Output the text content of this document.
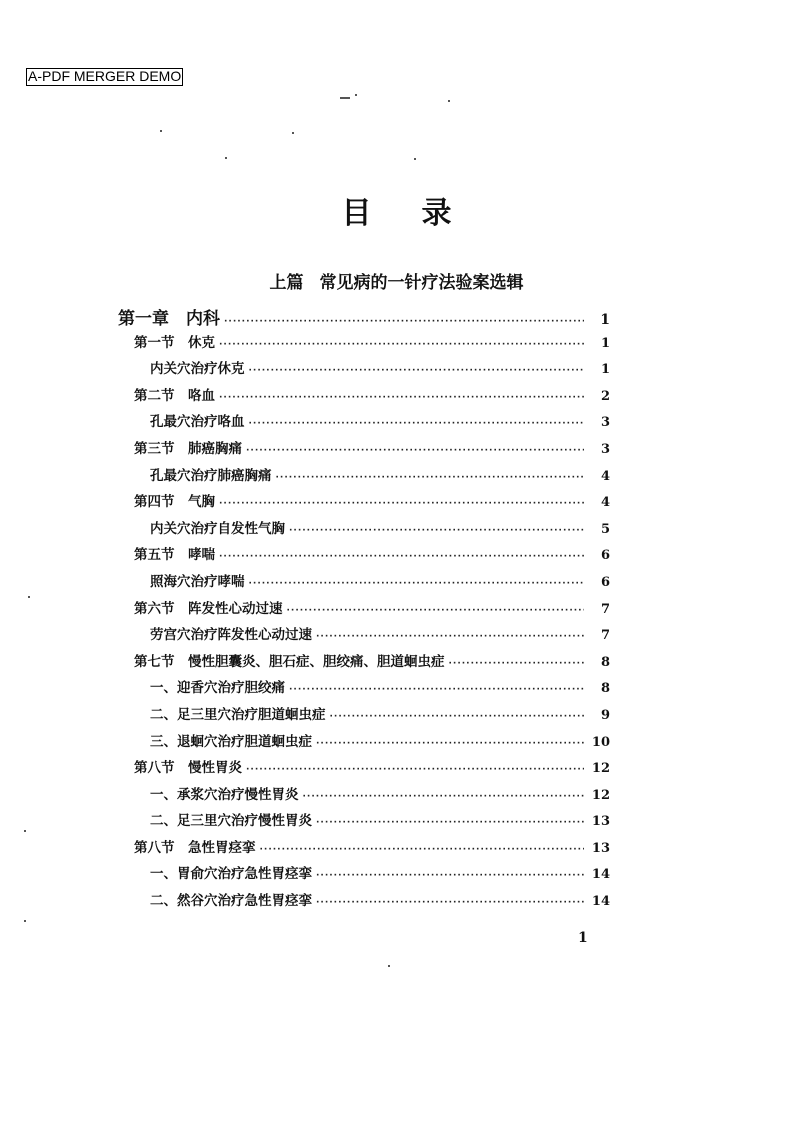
A-PDF MERGER DEMO
目录
上篇 常见病的一针疗法验案选辑
第一章　内科 ·····	1
第一节　休克 ·····	1
内关穴治疗休克 ·····	1
第二节　咯血 ·····	2
孔最穴治疗咯血 ·····	3
第三节　肺癌胸痛 ·····	3
孔最穴治疗肺癌胸痛 ·····	4
第四节　气胸 ·····	4
内关穴治疗自发性气胸 ·····	5
第五节　哮喘 ·····	6
照海穴治疗哮喘 ·····	6
第六节　阵发性心动过速 ·····	7
劳宫穴治疗阵发性心动过速 ·····	7
第七节　慢性胆囊炎、胆石症、胆绞痛、胆道蛔虫症 ·····	8
一、迎香穴治疗胆绞痛 ·····	8
二、足三里穴治疗胆道蛔虫症 ·····	9
三、退蛔穴治疗胆道蛔虫症 ·····	10
第八节　慢性胃炎 ·····	12
一、承浆穴治疗慢性胃炎 ·····	12
二、足三里穴治疗慢性胃炎 ·····	13
第八节　急性胃痉挛 ·····	13
一、胃俞穴治疗急性胃痉挛 ·····	14
二、然谷穴治疗急性胃痉挛 ·····	14
1
